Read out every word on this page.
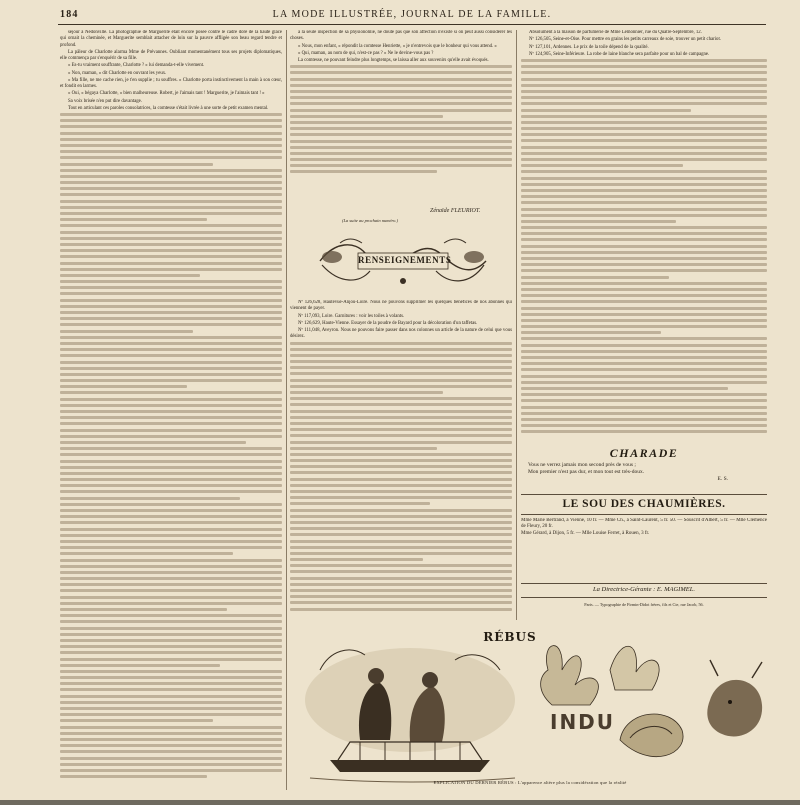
184	LA MODE ILLUSTRÉE, JOURNAL DE LA FAMILLE.

séjour à Nédonville. La photographie de Marguerite était encore posée contre le cadre doré de la haute glace qui ornait la cheminée, et Marguerite semblait attacher de loin sur la pauvre affligée son beau regard tendre et profond.

La pâleur de Charlotte alarma Mme de Prévannes. Oubliant momentanément tous ses projets diplomatiques, elle commença par s'enquérir de sa fille.

« Es-tu vraiment souffrante, Charlotte ? » lui demanda-t-elle vivement.

« Non, maman, » dit Charlotte en ouvrant les yeux.

« Ma fille, ne me cache rien, je t'en supplie ; tu souffres. » Charlotte porta instinctivement la main à son cœur, et fondit en larmes.

« Oui, » bégaya Charlotte, « bien malheureuse. Robert, je l'aimais tant ! Marguerite, je l'aimais tant ! »

Sa voix brisée n'en put dire davantage.

Tout en articulant ces paroles consolatrices, la comtesse s'était livrée à une sorte de petit examen mental.

à la seule inspection de sa physionomie, ne doute pas que son affection n'existe si on peut aussi considérer les choses.

« Nous, mon enfant, » répondit la comtesse Henriette, « je n'entrevois que le bonheur qui vous attend. »

« Qui, maman, au nom de qui, n'est-ce pas ? » Ne le devine-vous pas ?

La comtesse, ne pouvant feindre plus longtemps, se laissa aller aux souvenirs qu'elle avait évoqués.

Zénaïde FLEURIOT.
(La suite au prochain numéro.)
RENSEIGNEMENTS

Nº 126,628, Hautevue-Anjou-Loire. Nous ne pouvons supprimer les quelques bénéfices de nos abonnés qui viennent de payer.

Nº 117,093, Loire. Garnitures : voir les toiles à volants.

Nº 126,629, Haute-Vienne. Essayer de la poudre de Bayard pour la décoloration d'un taffetas.

Nº 111,048, Aveyron. Nous ne pouvons faire passer dans nos colonnes un article de la nature de celui que vous désirez.

Absolument à la maison de parfumerie de Mme Lemonnier, rue du Quatre-Septembre, 12.

Nº 126,505, Seine-et-Oise. Pour mettre en grains les petits carreaux de soie, trouver un petit chariot.

Nº 127,101, Ardennes. Le prix de la toile dépend de la qualité.

Nº 124,905, Seine-Inférieure. La robe de laine blanche sera parfaite pour un bal de campagne.

CHARADE
Vous ne verrez jamais mon second près de vous ;
Mon premier n'est pas dur, et mon tout est très-doux.
E. S.
LE SOU DES CHAUMIÈRES.
Mme Marie Bertrand, à Vienne, 10 fr. — Mme Ch., à Saint-Laurent, 5 fr. 50. — Souscrit d'Albert, 5 fr. — Mlle Clémence de Fleury, 20 fr.
Mme Gérard, à Dijon, 5 fr. — Mlle Louise Ferret, à Rouen, 3 fr.
La Directrice-Gérante : E. MAGIMEL.
Paris. — Typographie de Firmin-Didot frères, fils et Cie, rue Jacob, 56.
RÉBUS
INDU
EXPLICATION DU DERNIER RÉBUS : L'apparence altère plus la considération que la réalité
